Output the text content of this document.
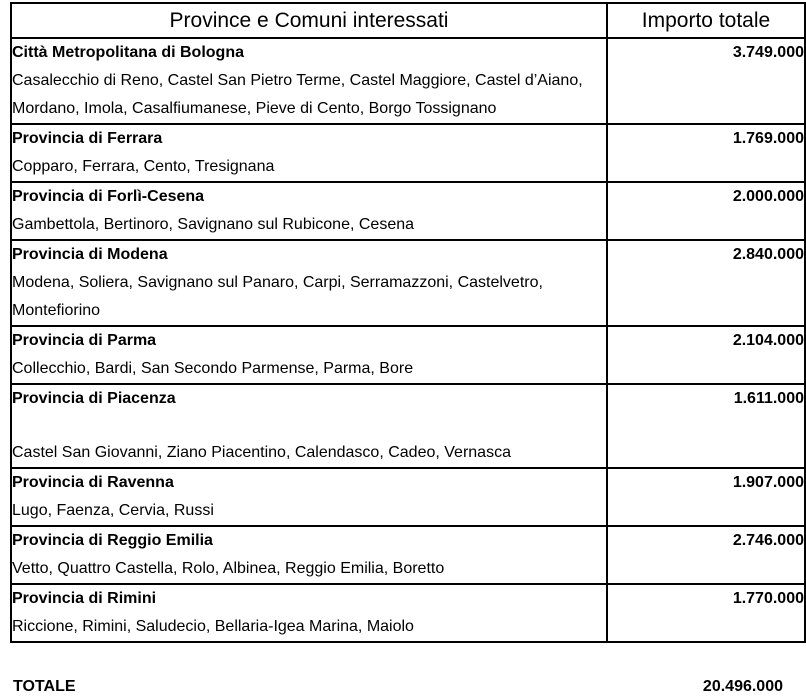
Province e Comuni interessati	Importo totale

Città Metropolitana di Bologna
Casalecchio di Reno, Castel San Pietro Terme, Castel Maggiore, Castel d’Aiano, Mordano, Imola, Casalfiumanese, Pieve di Cento, Borgo Tossignano	3.749.000

Provincia di Ferrara
Copparo, Ferrara, Cento, Tresignana	1.769.000

Provincia di Forlì-Cesena
Gambettola, Bertinoro, Savignano sul Rubicone, Cesena	2.000.000

Provincia di Modena
Modena, Soliera, Savignano sul Panaro, Carpi, Serramazzoni, Castelvetro, Montefiorino	2.840.000

Provincia di Parma
Collecchio, Bardi, San Secondo Parmense, Parma, Bore	2.104.000

Provincia di Piacenza
Castel San Giovanni, Ziano Piacentino, Calendasco, Cadeo, Vernasca	1.611.000

Provincia di Ravenna
Lugo, Faenza, Cervia, Russi	1.907.000

Provincia di Reggio Emilia
Vetto, Quattro Castella, Rolo, Albinea, Reggio Emilia, Boretto	2.746.000

Provincia di Rimini
Riccione, Rimini, Saludecio, Bellaria-Igea Marina, Maiolo	1.770.000
TOTALE	20.496.000
